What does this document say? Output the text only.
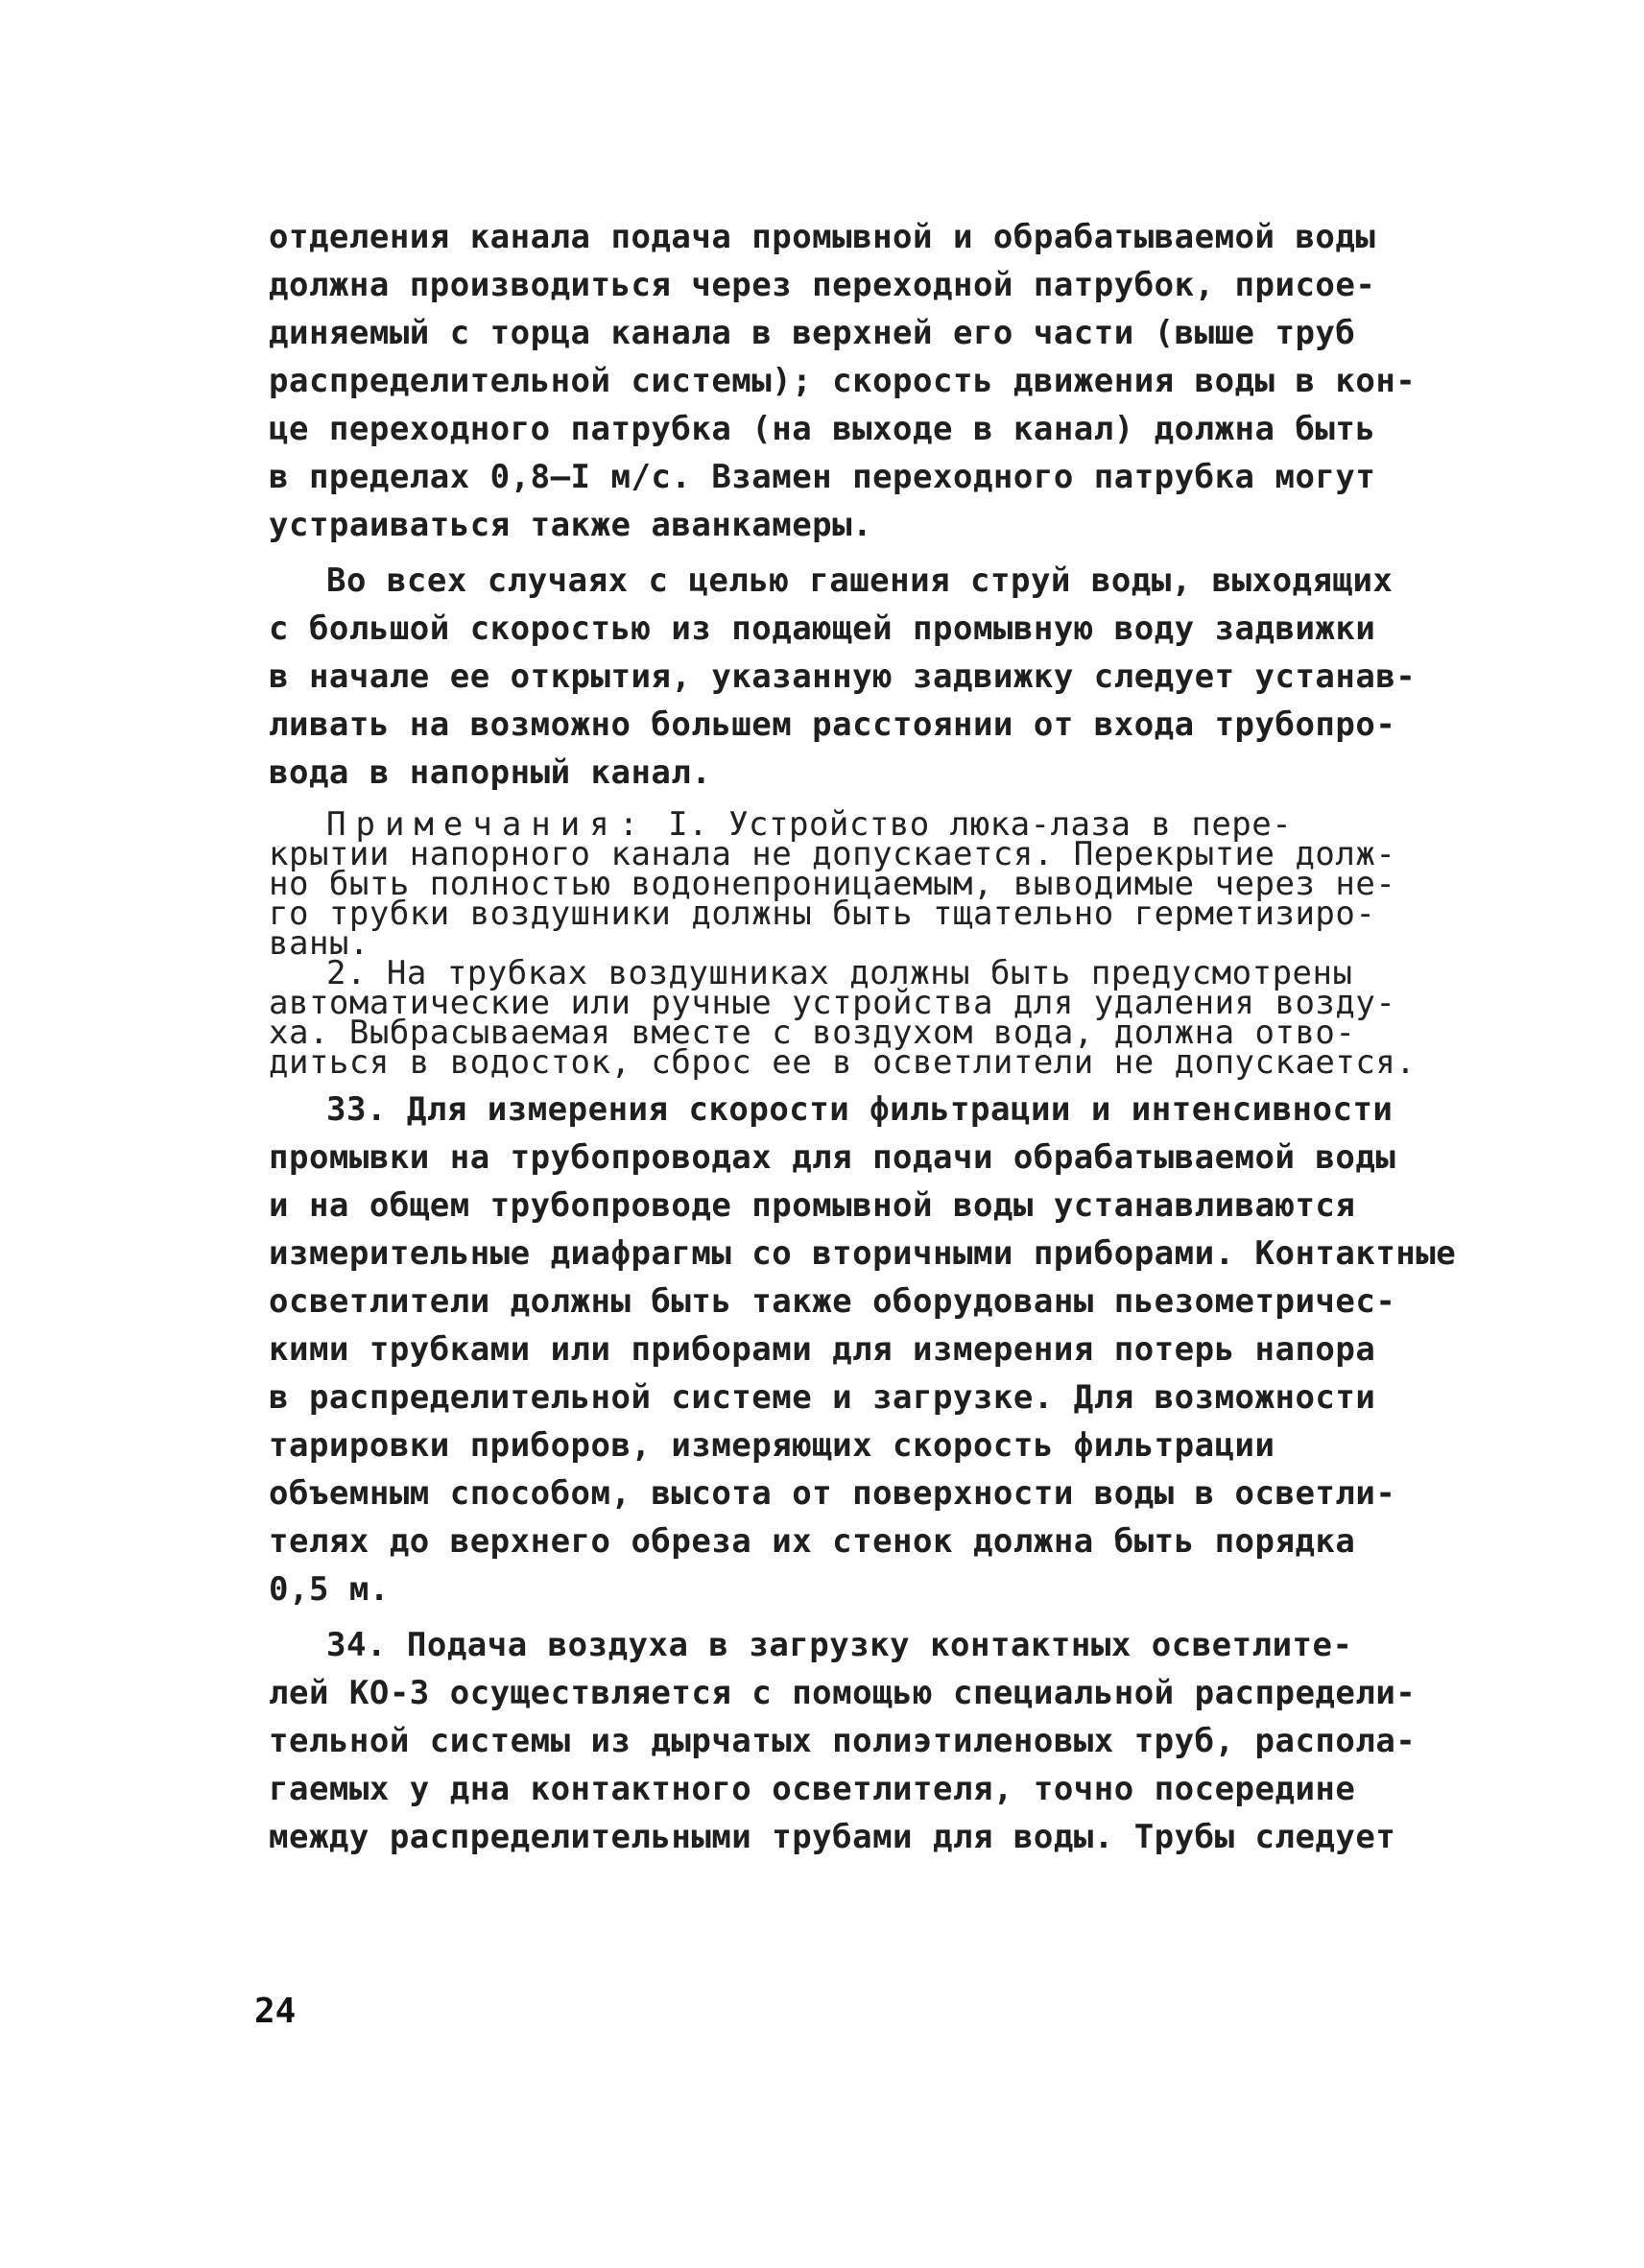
отделения канала подача промывной и обрабатываемой воды
должна производиться через переходной патрубок, присое-
диняемый с торца канала в верхней его части (выше труб
распределительной системы); скорость движения воды в кон-
це переходного патрубка (на выходе в канал) должна быть
в пределах 0,8–I м/с. Взамен переходного патрубка могут
устраиваться также аванкамеры.
Во всех случаях с целью гашения струй воды, выходящих
с большой скоростью из подающей промывную воду задвижки
в начале ее открытия, указанную задвижку следует устанав-
ливать на возможно большем расстоянии от входа трубопро-
вода в напорный канал.
Примечания: I. Устройство люка-лаза в пере-
крытии напорного канала не допускается. Перекрытие долж-
но быть полностью водонепроницаемым, выводимые через не-
го трубки воздушники должны быть тщательно герметизиро-
ваны.
2. На трубках воздушниках должны быть предусмотрены
автоматические или ручные устройства для удаления возду-
ха. Выбрасываемая вместе с воздухом вода, должна отво-
диться в водосток, сброс ее в осветлители не допускается.
33. Для измерения скорости фильтрации и интенсивности
промывки на трубопроводах для подачи обрабатываемой воды
и на общем трубопроводе промывной воды устанавливаются
измерительные диафрагмы со вторичными приборами. Контактные
осветлители должны быть также оборудованы пьезометричес-
кими трубками или приборами для измерения потерь напора
в распределительной системе и загрузке. Для возможности
тарировки приборов, измеряющих скорость фильтрации
объемным способом, высота от поверхности воды в осветли-
телях до верхнего обреза их стенок должна быть порядка
0,5 м.
34. Подача воздуха в загрузку контактных осветлите-
лей КО-3 осуществляется с помощью специальной распредели-
тельной системы из дырчатых полиэтиленовых труб, распола-
гаемых у дна контактного осветлителя, точно посередине
между распределительными трубами для воды. Трубы следует
24
